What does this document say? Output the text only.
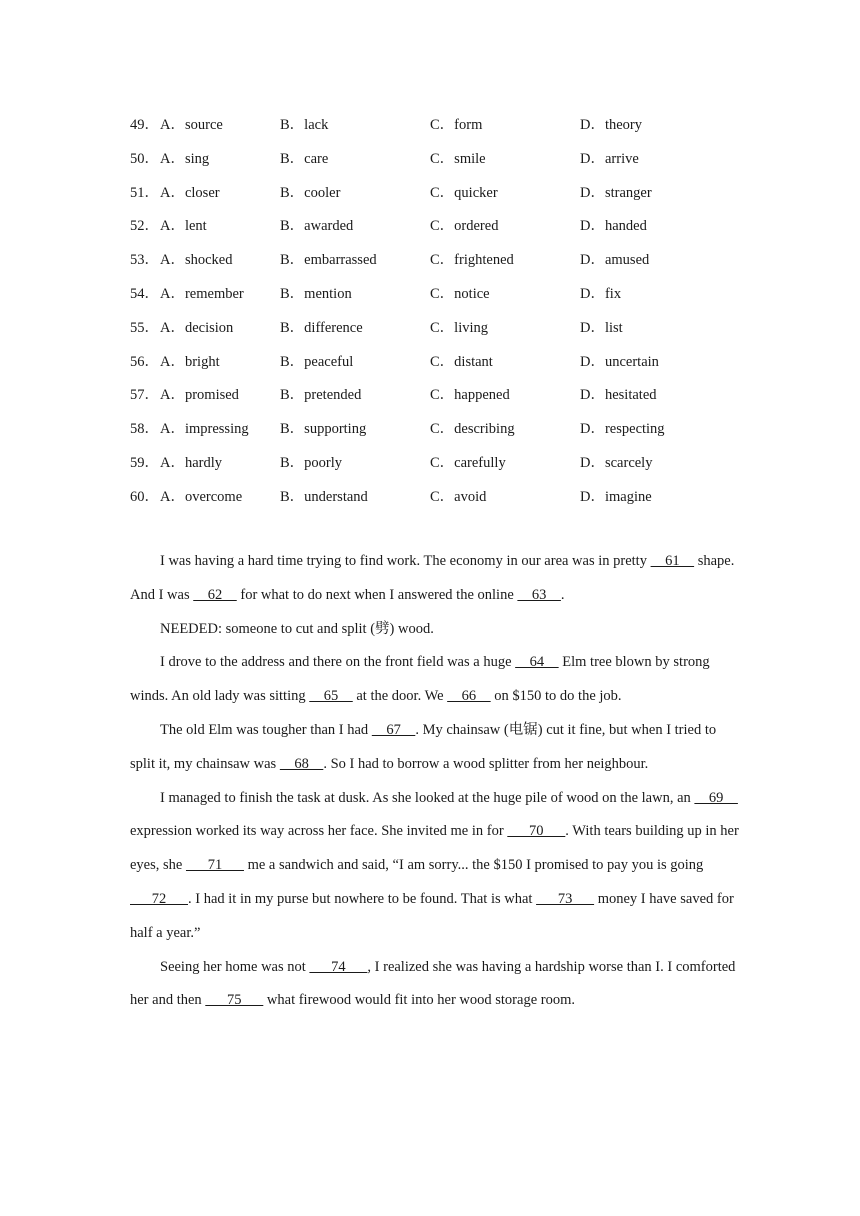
49． A．source	B．lack	C．form	D．theory
50． A．sing	B．care	C．smile	D．arrive
51． A．closer	B．cooler	C．quicker	D．stranger
52． A．lent	B．awarded	C．ordered	D．handed
53． A．shocked	B．embarrassed	C．frightened	D．amused
54． A．remember	B．mention	C．notice	D．fix
55． A．decision	B．difference	C．living	D．list
56． A．bright	B．peaceful	C．distant	D．uncertain
57． A．promised	B．pretended	C．happened	D．hesitated
58． A．impressing B．supporting	C．describing	D．respecting
59． A．hardly	B．poorly	C．carefully	D．scarcely
60． A．overcome	B．understand	C．avoid	D．imagine

I was having a hard time trying to find work. The economy in our area was in pretty     61     shape. And I was     62     for what to do next when I answered the online     63    .

NEEDED: someone to cut and split (劈) wood.

I drove to the address and there on the front field was a huge     64     Elm tree blown by strong winds. An old lady was sitting     65     at the door. We     66     on $150 to do the job.

The old Elm was tougher than I had     67    . My chainsaw (电锯) cut it fine, but when I tried to split it, my chainsaw was     68    . So I had to borrow a wood splitter from her neighbour.

I managed to finish the task at dusk. As she looked at the huge pile of wood on the lawn, an     69     expression worked its way across her face. She invited me in for       70      . With tears building up in her eyes, she       71       me a sandwich and said, “I am sorry... the $150 I promised to pay you is going       72      . I had it in my purse but nowhere to be found. That is what       73       money I have saved for half a year.”

Seeing her home was not       74      , I realized she was having a hardship worse than I. I comforted her and then       75       what firewood would fit into her wood storage room.
